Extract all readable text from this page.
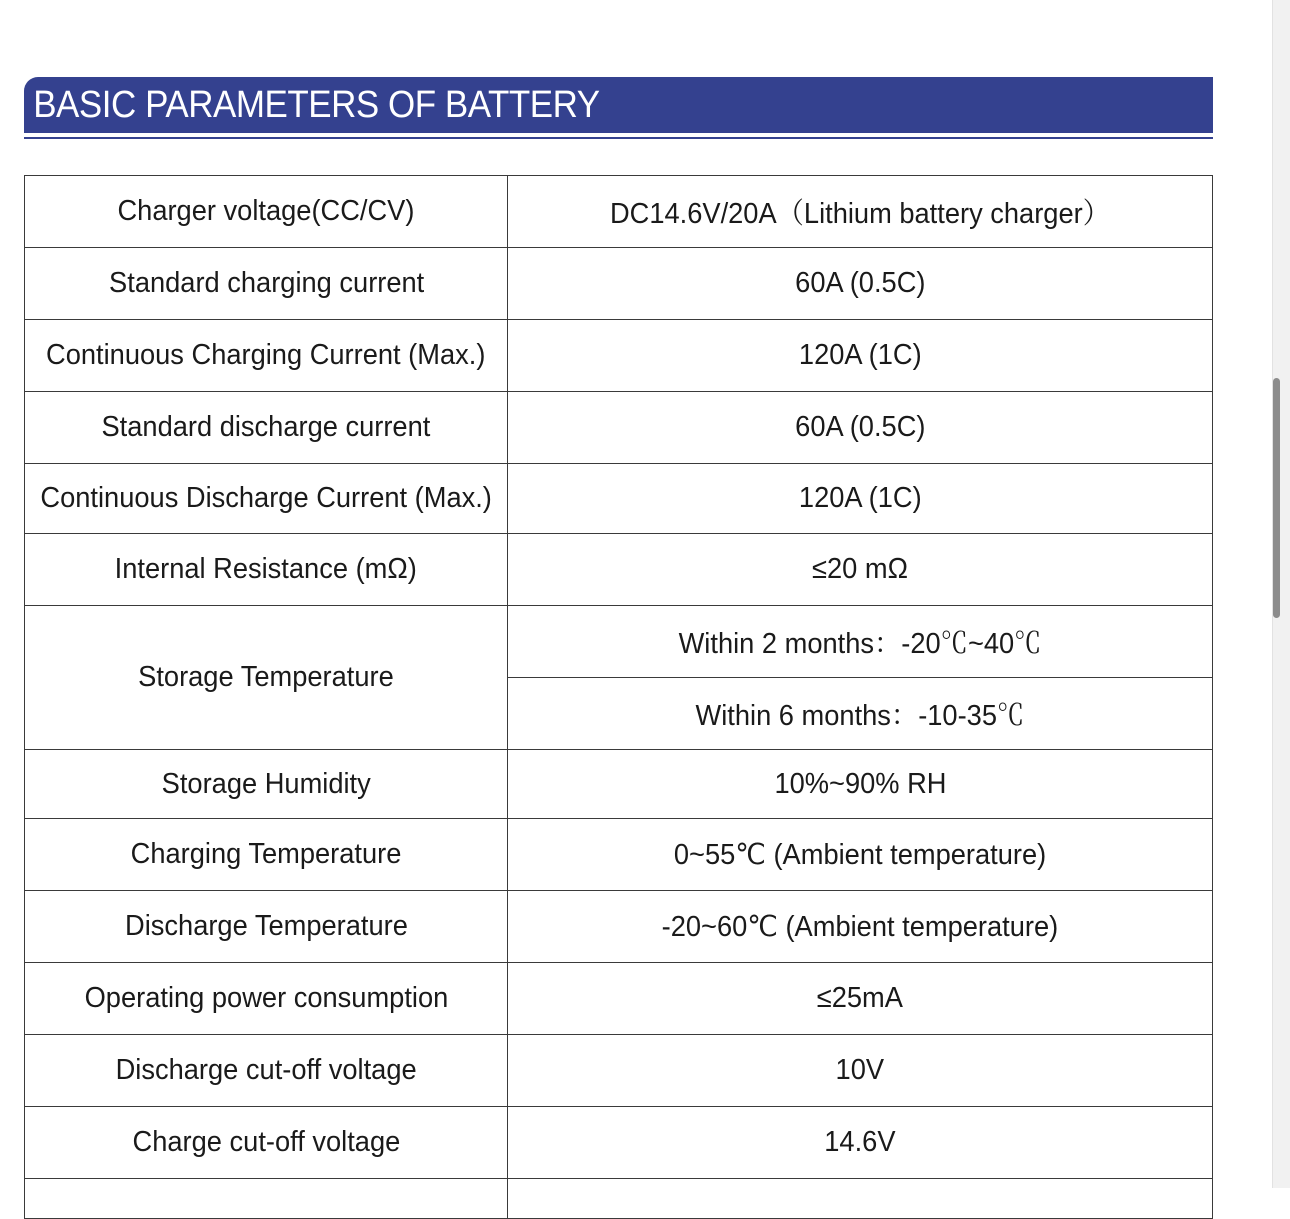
BASIC PARAMETERS OF BATTERY
Charger voltage(CC/CV)	DC14.6V/20A（Lithium battery charger）
Standard charging current	60A (0.5C)
Continuous Charging Current (Max.)	120A (1C)
Standard discharge current	60A (0.5C)
Continuous Discharge Current (Max.)	120A (1C)
Internal Resistance (mΩ)	≤20 mΩ
Storage Temperature	Within 2 months：-20℃~40℃
	Within 6 months：-10-35℃
Storage Humidity	10%~90% RH
Charging Temperature	0~55℃ (Ambient temperature)
Discharge Temperature	-20~60℃ (Ambient temperature)
Operating power consumption	≤25mA
Discharge cut-off voltage	10V
Charge cut-off voltage	14.6V
